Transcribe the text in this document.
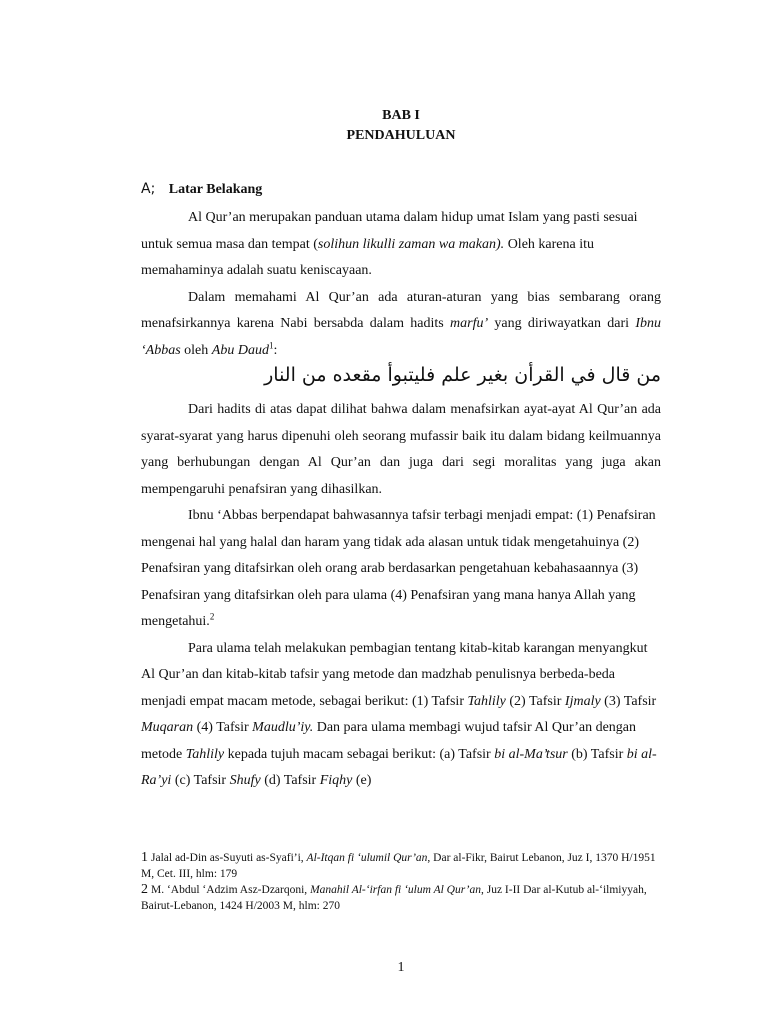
BAB I
PENDAHULUAN
A; Latar Belakang

Al Qur’an merupakan panduan utama dalam hidup umat Islam yang pasti sesuai untuk semua masa dan tempat (solihun likulli zaman wa makan). Oleh karena itu memahaminya adalah suatu keniscayaan.

Dalam memahami Al Qur’an ada aturan-aturan yang bias sembarang orang menafsirkannya karena Nabi bersabda dalam hadits marfu’ yang diriwayatkan dari Ibnu ‘Abbas oleh Abu Daud$^1$:

من قال في القرأن بغير علم فليتبوأ مقعده من النار

Dari hadits di atas dapat dilihat bahwa dalam menafsirkan ayat-ayat Al Qur’an ada syarat-syarat yang harus dipenuhi oleh seorang mufassir baik itu dalam bidang keilmuannya yang berhubungan dengan Al Qur’an dan juga dari segi moralitas yang juga akan mempengaruhi penafsiran yang dihasilkan.

Ibnu ‘Abbas berpendapat bahwasannya tafsir terbagi menjadi empat: (1) Penafsiran mengenai hal yang halal dan haram yang tidak ada alasan untuk tidak mengetahuinya (2) Penafsiran yang ditafsirkan oleh orang arab berdasarkan pengetahuan kebahasaannya (3) Penafsiran yang ditafsirkan oleh para ulama (4) Penafsiran yang mana hanya Allah yang mengetahui.$^2$

Para ulama telah melakukan pembagian tentang kitab-kitab karangan menyangkut Al Qur’an dan kitab-kitab tafsir yang metode dan madzhab penulisnya berbeda-beda menjadi empat macam metode, sebagai berikut: (1) Tafsir Tahlily (2) Tafsir Ijmaly (3) Tafsir Muqaran (4) Tafsir Maudlu’iy. Dan para ulama membagi wujud tafsir Al Qur’an dengan metode Tahlily kepada tujuh macam sebagai berikut: (a) Tafsir bi al-Ma’tsur (b) Tafsir bi al-Ra’yi (c) Tafsir Shufy (d) Tafsir Fiqhy (e)

1 Jalal ad-Din as-Suyuti as-Syafi’i, Al-Itqan fi ‘ulumil Qur’an, Dar al-Fikr, Bairut Lebanon, Juz I, 1370 H/1951 M, Cet. III, hlm: 179

2 M. ‘Abdul ‘Adzim Asz-Dzarqoni, Manahil Al-‘irfan fi ‘ulum Al Qur’an, Juz I-II Dar al-Kutub al-‘ilmiyyah, Bairut-Lebanon, 1424 H/2003 M, hlm: 270

1
